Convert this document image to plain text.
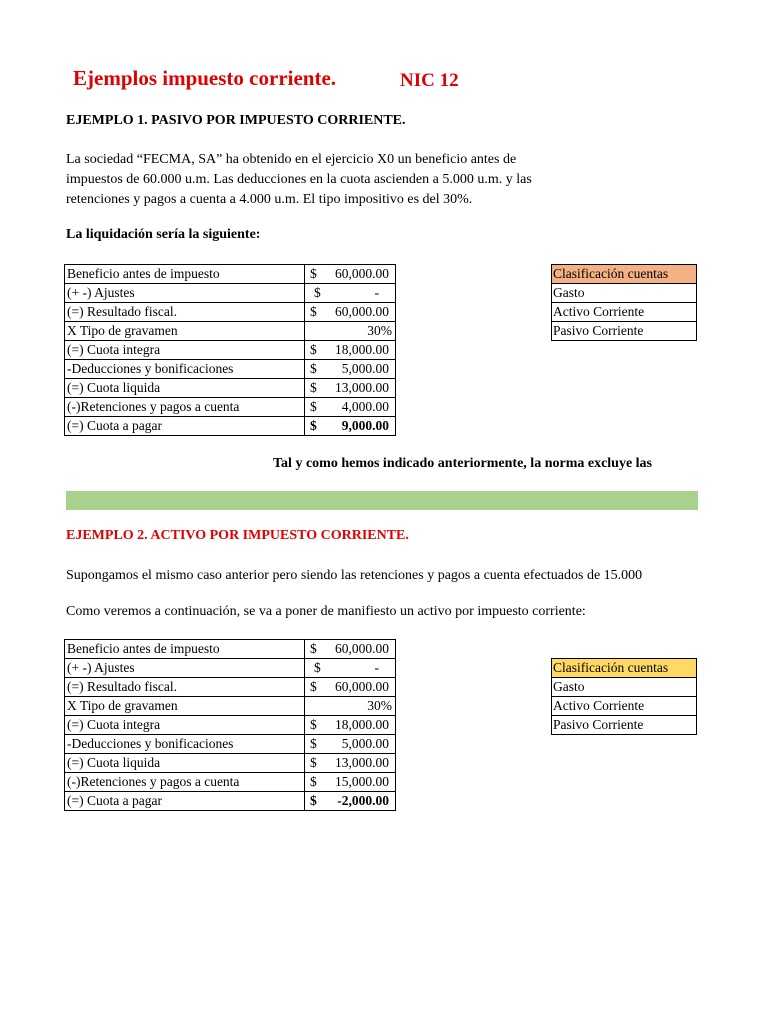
Ejemplos impuesto corriente.	NIC 12
EJEMPLO 1. PASIVO POR IMPUESTO CORRIENTE.
La sociedad “FECMA, SA” ha obtenido en el ejercicio X0 un beneficio antes de
impuestos de 60.000 u.m. Las deducciones en la cuota ascienden a 5.000 u.m. y las
retenciones y pagos a cuenta a 4.000 u.m. El tipo impositivo es del 30%.
La liquidación sería la siguiente:
Beneficio antes de impuesto	$ 60,000.00

(+ -) Ajustes	$ -

(=) Resultado fiscal.	$ 60,000.00

X Tipo de gravamen	30%

(=) Cuota integra	$ 18,000.00

-Deducciones y bonificaciones	$ 5,000.00

(=) Cuota liquida	$ 13,000.00

(-)Retenciones y pagos a cuenta	$ 4,000.00

(=) Cuota a pagar	$ 9,000.00
Clasificación cuentas
Gasto
Activo Corriente
Pasivo Corriente
Tal y como hemos indicado anteriormente, la norma excluye las
EJEMPLO 2. ACTIVO POR IMPUESTO CORRIENTE.
Supongamos el mismo caso anterior pero siendo las retenciones y pagos a cuenta efectuados de 15.000
Como veremos a continuación, se va a poner de manifiesto un activo por impuesto corriente:
Beneficio antes de impuesto	$ 60,000.00

(+ -) Ajustes	$ -

(=) Resultado fiscal.	$ 60,000.00

X Tipo de gravamen	30%

(=) Cuota integra	$ 18,000.00

-Deducciones y bonificaciones	$ 5,000.00

(=) Cuota liquida	$ 13,000.00

(-)Retenciones y pagos a cuenta	$ 15,000.00

(=) Cuota a pagar	$ -2,000.00
Clasificación cuentas
Gasto
Activo Corriente
Pasivo Corriente
